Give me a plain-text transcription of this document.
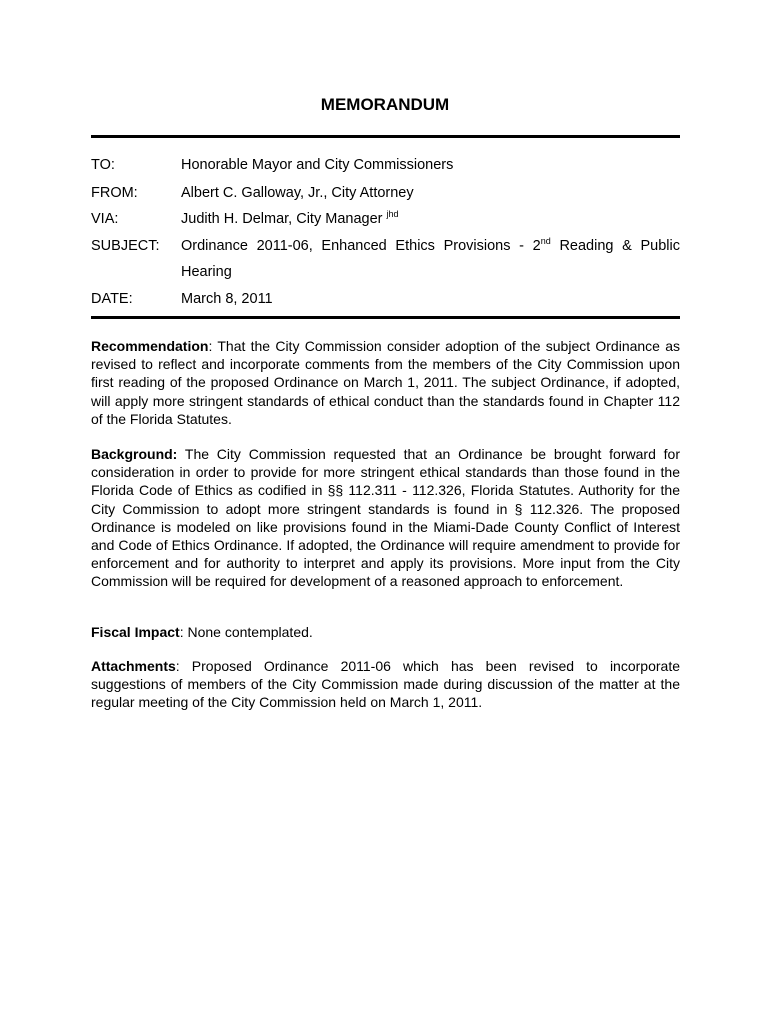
MEMORANDUM
TO:	Honorable Mayor and City Commissioners
FROM:	Albert C. Galloway, Jr., City Attorney
VIA:	Judith H. Delmar, City Manager $^{jhd}$
SUBJECT: Ordinance 2011-06, Enhanced Ethics Provisions - 2nd Reading & Public
Hearing
DATE:	March 8, 2011

Recommendation: That the City Commission consider adoption of the subject Ordinance as revised to reflect and incorporate comments from the members of the City Commission upon first reading of the proposed Ordinance on March 1, 2011. The subject Ordinance, if adopted, will apply more stringent standards of ethical conduct than the standards found in Chapter 112 of the Florida Statutes.

Background: The City Commission requested that an Ordinance be brought forward for consideration in order to provide for more stringent ethical standards than those found in the Florida Code of Ethics as codified in §§ 112.311 - 112.326, Florida Statutes. Authority for the City Commission to adopt more stringent standards is found in § 112.326. The proposed Ordinance is modeled on like provisions found in the Miami-Dade County Conflict of Interest and Code of Ethics Ordinance. If adopted, the Ordinance will require amendment to provide for enforcement and for authority to interpret and apply its provisions. More input from the City Commission will be required for development of a reasoned approach to enforcement.

Fiscal Impact: None contemplated.

Attachments: Proposed Ordinance 2011-06 which has been revised to incorporate suggestions of members of the City Commission made during discussion of the matter at the regular meeting of the City Commission held on March 1, 2011.
